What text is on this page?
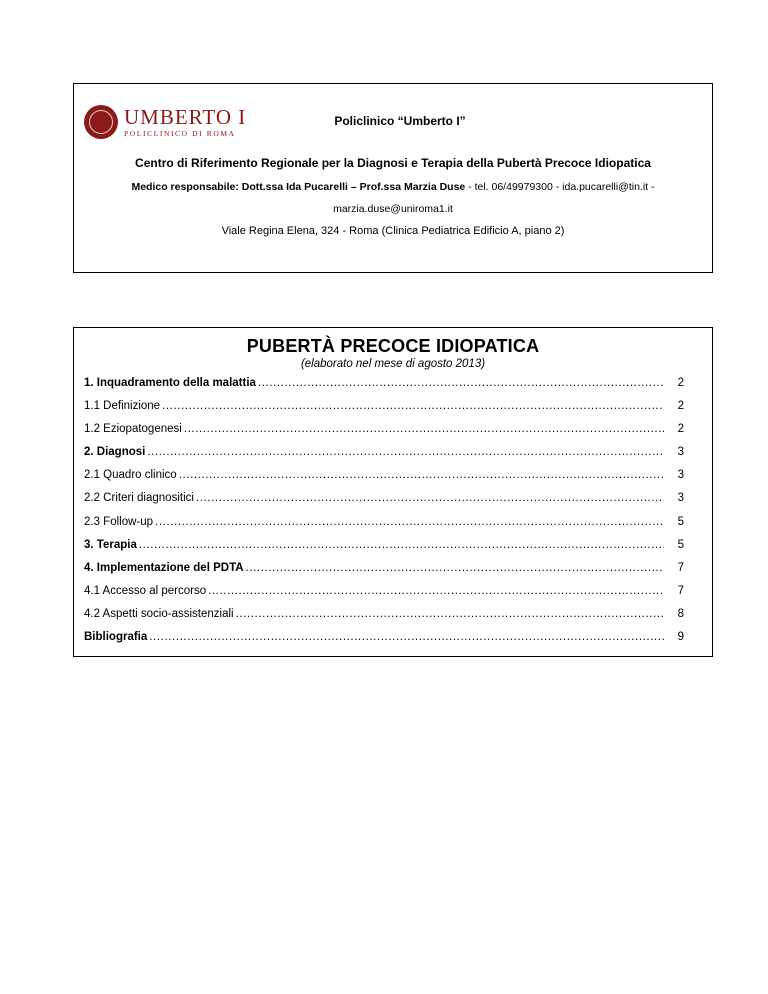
UMBERTO I
POLICLINICO DI ROMA
Policlinico “Umberto I”
Centro di Riferimento Regionale per la Diagnosi e Terapia della Pubertà Precoce Idiopatica
Medico responsabile: Dott.ssa Ida Pucarelli – Prof.ssa Marzia Duse - tel. 06/49979300 - ida.pucarelli@tin.it -
marzia.duse@uniroma1.it
Viale Regina Elena, 324 - Roma (Clinica Pediatrica Edificio A, piano 2)
PUBERTÀ PRECOCE IDIOPATICA
(elaborato nel mese di agosto 2013)
1. Inquadramento della malattia .....	2
1.1 Definizione .....	2
1.2 Eziopatogenesi .....	2
2. Diagnosi .....	3
2.1 Quadro clinico .....	3
2.2 Criteri diagnositici .....	3
2.3 Follow-up .....	5
3. Terapia .....	5
4. Implementazione del PDTA .....	7
4.1 Accesso al percorso .....	7
4.2 Aspetti socio-assistenziali .....	8
Bibliografia .....	9
